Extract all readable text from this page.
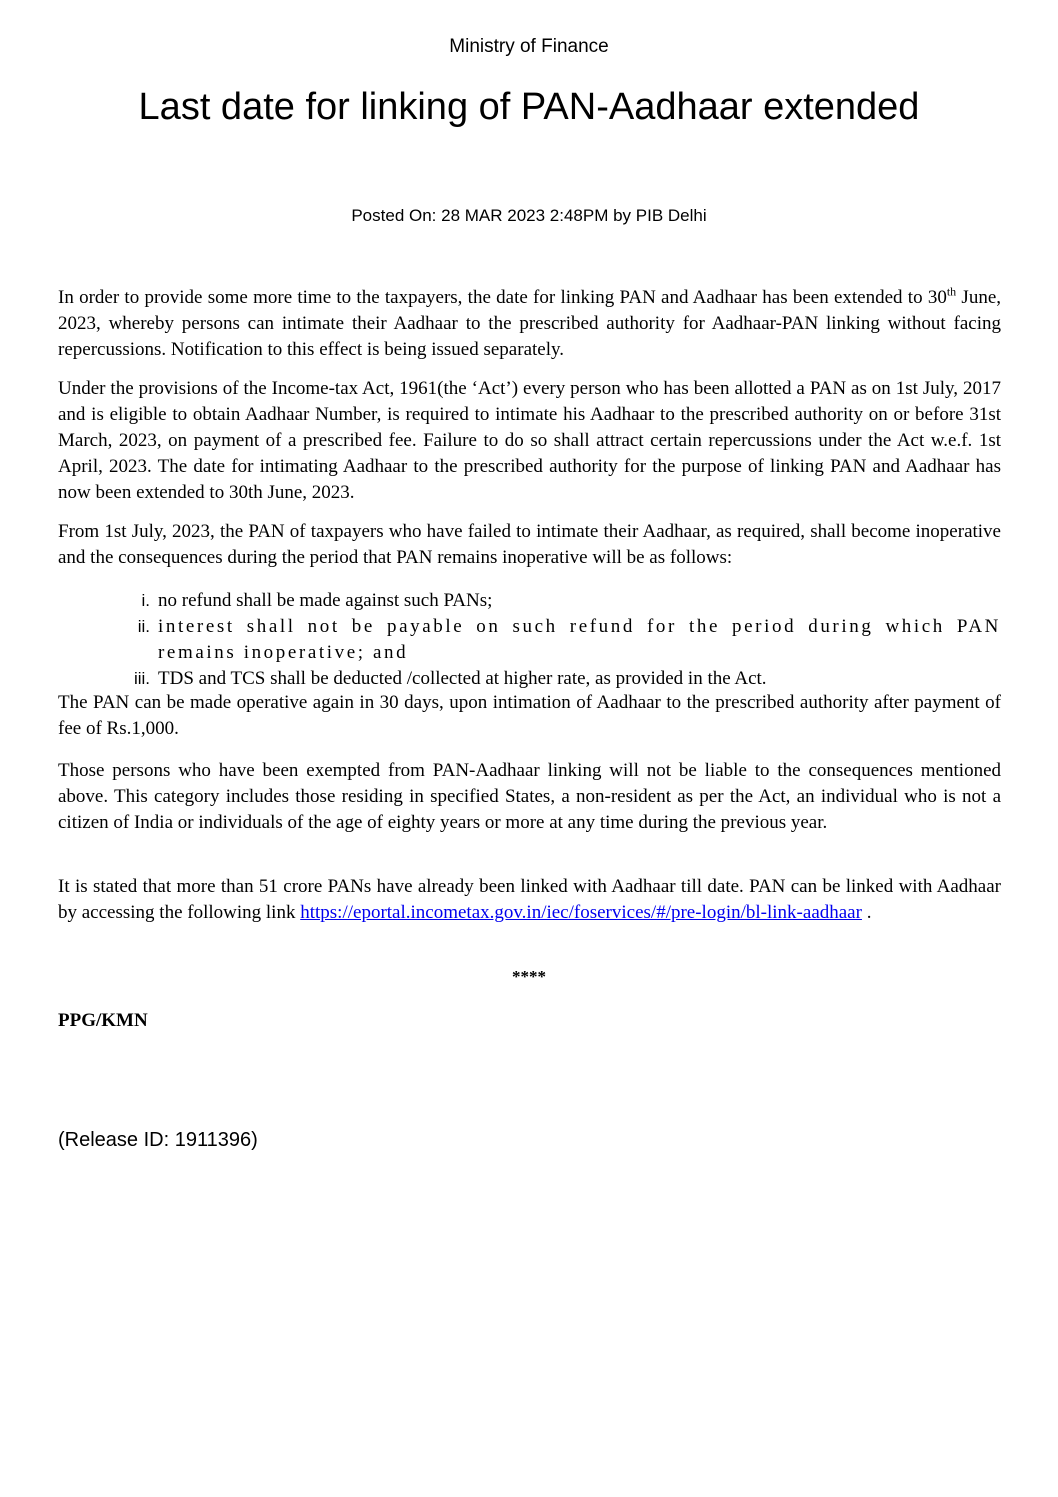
Ministry of Finance
Last date for linking of PAN-Aadhaar extended
Posted On: 28 MAR 2023 2:48PM by PIB Delhi

In order to provide some more time to the taxpayers, the date for linking PAN and Aadhaar has been extended to 30th June, 2023, whereby persons can intimate their Aadhaar to the prescribed authority for Aadhaar-PAN linking without facing repercussions. Notification to this effect is being issued separately.

Under the provisions of the Income-tax Act, 1961(the ‘Act’) every person who has been allotted a PAN as on 1st July, 2017 and is eligible to obtain Aadhaar Number, is required to intimate his Aadhaar to the prescribed authority on or before 31st March, 2023, on payment of a prescribed fee. Failure to do so shall attract certain repercussions under the Act w.e.f. 1st April, 2023. The date for intimating Aadhaar to the prescribed authority for the purpose of linking PAN and Aadhaar has now been extended to 30th June, 2023.

From 1st July, 2023, the PAN of taxpayers who have failed to intimate their Aadhaar, as required, shall become inoperative and the consequences during the period that PAN remains inoperative will be as follows:

i. no refund shall be made against such PANs;
ii. interest shall not be payable on such refund for the period during which PAN remains inoperative; and
iii. TDS and TCS shall be deducted /collected at higher rate, as provided in the Act.

The PAN can be made operative again in 30 days, upon intimation of Aadhaar to the prescribed authority after payment of fee of Rs.1,000.

Those persons who have been exempted from PAN-Aadhaar linking will not be liable to the consequences mentioned above. This category includes those residing in specified States, a non-resident as per the Act, an individual who is not a citizen of India or individuals of the age of eighty years or more at any time during the previous year.

It is stated that more than 51 crore PANs have already been linked with Aadhaar till date. PAN can be linked with Aadhaar by accessing the following link https://eportal.incometax.gov.in/iec/foservices/#/pre-login/bl-link-aadhaar .

****
PPG/KMN
(Release ID: 1911396)
